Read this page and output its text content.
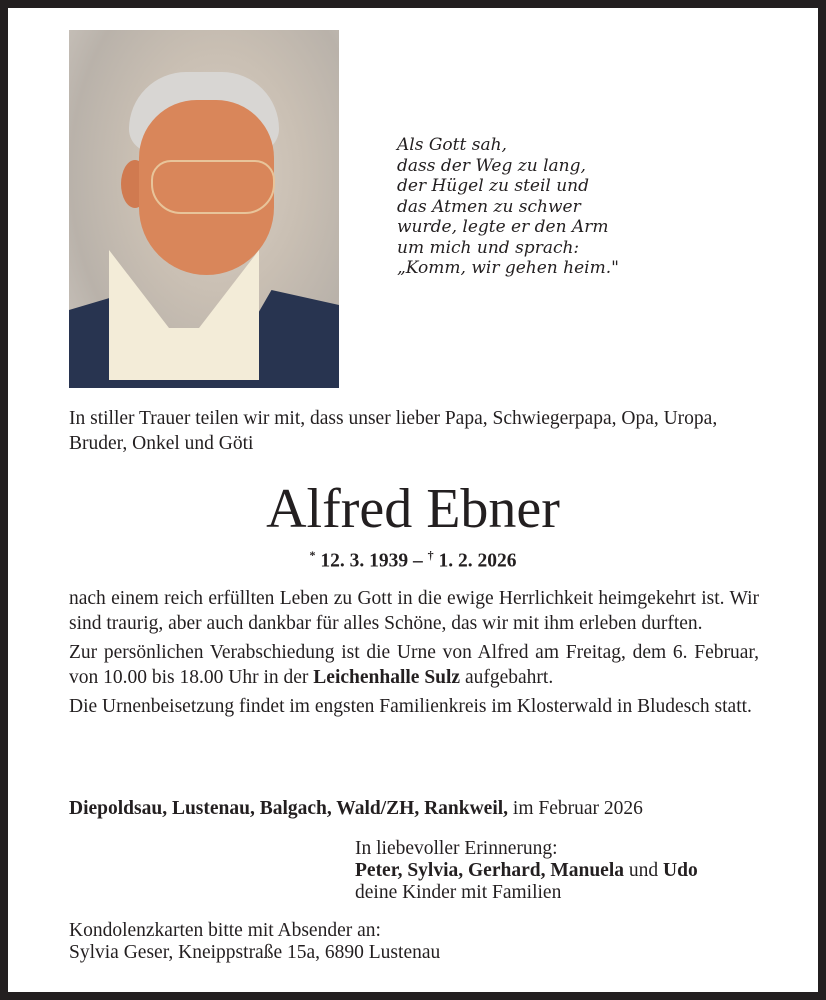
Als Gott sah,
dass der Weg zu lang,
der Hügel zu steil und
das Atmen zu schwer
wurde, legte er den Arm
um mich und sprach:
„Komm, wir gehen heim."
In stiller Trauer teilen wir mit, dass unser lieber Papa, Schwiegerpapa, Opa, Uropa, Bruder, Onkel und Göti
Alfred Ebner
* 12. 3. 1939 – † 1. 2. 2026

nach einem reich erfüllten Leben zu Gott in die ewige Herrlichkeit heimgekehrt ist. Wir sind traurig, aber auch dankbar für alles Schöne, das wir mit ihm erleben durften.

Zur persönlichen Verabschiedung ist die Urne von Alfred am Freitag, dem 6. Februar, von 10.00 bis 18.00 Uhr in der Leichenhalle Sulz aufgebahrt.

Die Urnenbeisetzung findet im engsten Familienkreis im Klosterwald in Bludesch statt.

Diepoldsau, Lustenau, Balgach, Wald/ZH, Rankweil, im Februar 2026
In liebevoller Erinnerung:
Peter, Sylvia, Gerhard, Manuela und Udo
deine Kinder mit Familien
Kondolenzkarten bitte mit Absender an:
Sylvia Geser, Kneippstraße 15a, 6890 Lustenau
